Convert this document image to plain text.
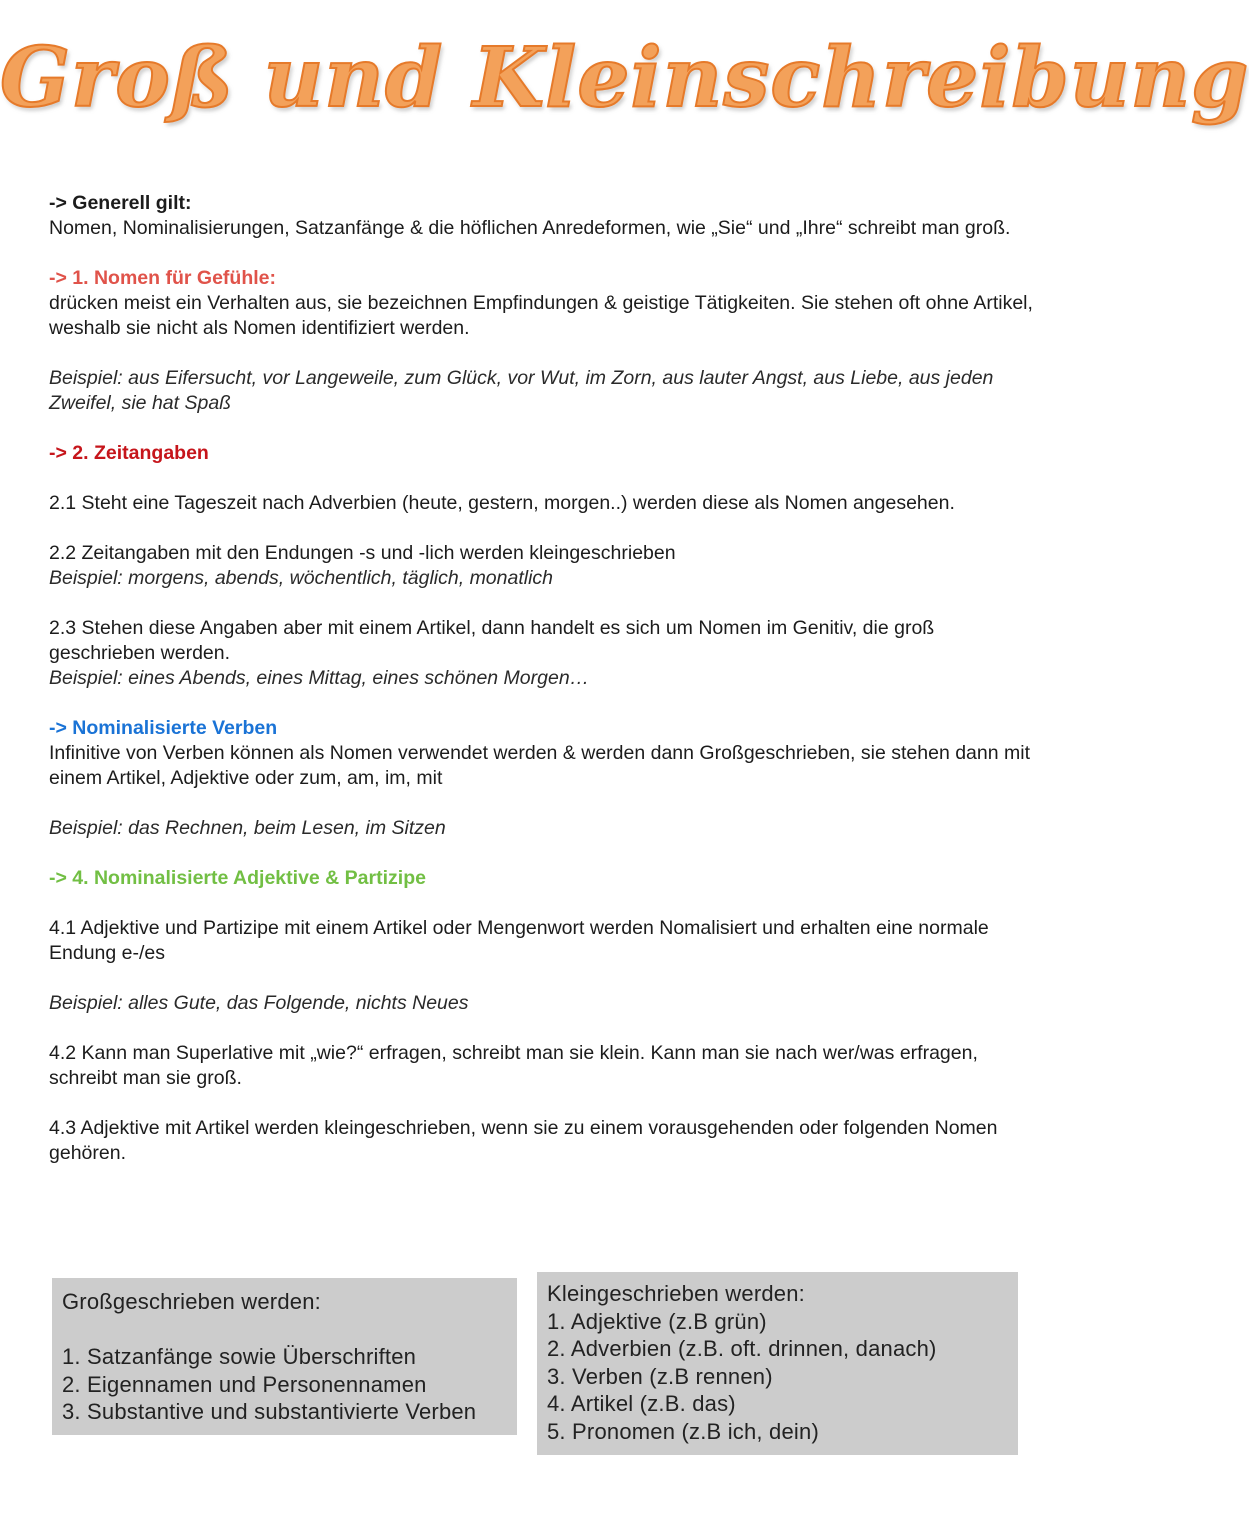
Groß und Kleinschreibung

-> Generell gilt:

Nomen, Nominalisierungen, Satzanfänge & die höflichen Anredeformen, wie „Sie“ und „Ihre“ schreibt man groß.

-> 1. Nomen für Gefühle:

drücken meist ein Verhalten aus, sie bezeichnen Empfindungen & geistige Tätigkeiten. Sie stehen oft ohne Artikel, weshalb sie nicht als Nomen identifiziert werden.

Beispiel: aus Eifersucht, vor Langeweile, zum Glück, vor Wut, im Zorn, aus lauter Angst, aus Liebe, aus jeden Zweifel, sie hat Spaß

-> 2. Zeitangaben

2.1 Steht eine Tageszeit nach Adverbien (heute, gestern, morgen..) werden diese als Nomen angesehen.

2.2 Zeitangaben mit den Endungen -s und -lich werden kleingeschrieben

Beispiel: morgens, abends, wöchentlich, täglich, monatlich

2.3 Stehen diese Angaben aber mit einem Artikel, dann handelt es sich um Nomen im Genitiv, die groß geschrieben werden.

Beispiel: eines Abends, eines Mittag, eines schönen Morgen…

-> Nominalisierte Verben

Infinitive von Verben können als Nomen verwendet werden & werden dann Großgeschrieben, sie stehen dann mit einem Artikel, Adjektive oder zum, am, im, mit

Beispiel: das Rechnen, beim Lesen, im Sitzen

-> 4. Nominalisierte Adjektive & Partizipe

4.1 Adjektive und Partizipe mit einem Artikel oder Mengenwort werden Nomalisiert und erhalten eine normale Endung e-/es

Beispiel: alles Gute, das Folgende, nichts Neues

4.2 Kann man Superlative mit „wie?“ erfragen, schreibt man sie klein. Kann man sie nach wer/was erfragen, schreibt man sie groß.

4.3 Adjektive mit Artikel werden kleingeschrieben, wenn sie zu einem vorausgehenden oder folgenden Nomen gehören.

Großgeschrieben werden:

1. Satzanfänge sowie Überschriften

2. Eigennamen und Personennamen

3. Substantive und substantivierte Verben

Kleingeschrieben werden:

1. Adjektive (z.B grün)

2. Adverbien (z.B. oft. drinnen, danach)

3. Verben (z.B rennen)

4. Artikel (z.B. das)

5. Pronomen (z.B ich, dein)
